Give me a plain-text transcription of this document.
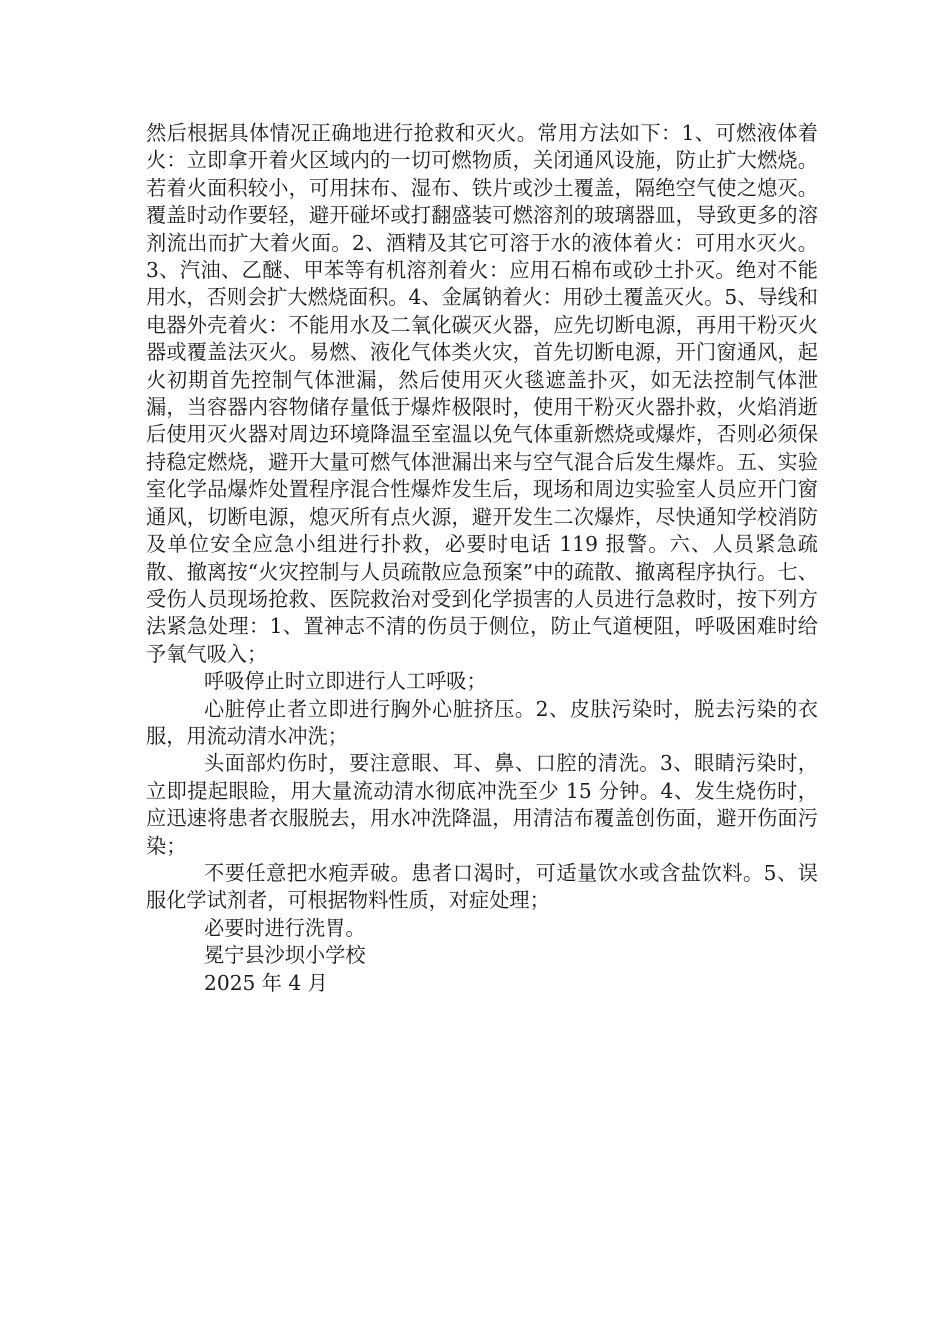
然后根据具体情况正确地进行抢救和灭火。常用方法如下：1、可燃液体着火：立即拿开着火区域内的一切可燃物质，关闭通风设施，防止扩大燃烧。若着火面积较小，可用抹布、湿布、铁片或沙土覆盖，隔绝空气使之熄灭。覆盖时动作要轻，避开碰坏或打翻盛装可燃溶剂的玻璃器皿，导致更多的溶剂流出而扩大着火面。2、酒精及其它可溶于水的液体着火：可用水灭火。3、汽油、乙醚、甲苯等有机溶剂着火：应用石棉布或砂土扑灭。绝对不能用水，否则会扩大燃烧面积。4、金属钠着火：用砂土覆盖灭火。5、导线和电器外壳着火：不能用水及二氧化碳灭火器，应先切断电源，再用干粉灭火器或覆盖法灭火。易燃、液化气体类火灾，首先切断电源，开门窗通风，起火初期首先控制气体泄漏，然后使用灭火毯遮盖扑灭，如无法控制气体泄漏，当容器内容物储存量低于爆炸极限时，使用干粉灭火器扑救，火焰消逝后使用灭火器对周边环境降温至室温以免气体重新燃烧或爆炸，否则必须保持稳定燃烧，避开大量可燃气体泄漏出来与空气混合后发生爆炸。五、实验室化学品爆炸处置程序混合性爆炸发生后，现场和周边实验室人员应开门窗通风，切断电源，熄灭所有点火源，避开发生二次爆炸，尽快通知学校消防及单位安全应急小组进行扑救，必要时电话 119 报警。六、人员紧急疏散、撤离按“火灾控制与人员疏散应急预案”中的疏散、撤离程序执行。七、受伤人员现场抢救、医院救治对受到化学损害的人员进行急救时，按下列方法紧急处理：1、置神志不清的伤员于侧位，防止气道梗阻，呼吸困难时给予氧气吸入；

呼吸停止时立即进行人工呼吸；

心脏停止者立即进行胸外心脏挤压。2、皮肤污染时，脱去污染的衣服，用流动清水冲洗；

头面部灼伤时，要注意眼、耳、鼻、口腔的清洗。3、眼睛污染时，立即提起眼睑，用大量流动清水彻底冲洗至少 15 分钟。4、发生烧伤时，应迅速将患者衣服脱去，用水冲洗降温，用清洁布覆盖创伤面，避开伤面污染；

不要任意把水疱弄破。患者口渴时，可适量饮水或含盐饮料。5、误服化学试剂者，可根据物料性质，对症处理；

必要时进行洗胃。

冕宁县沙坝小学校

2025 年 4 月
